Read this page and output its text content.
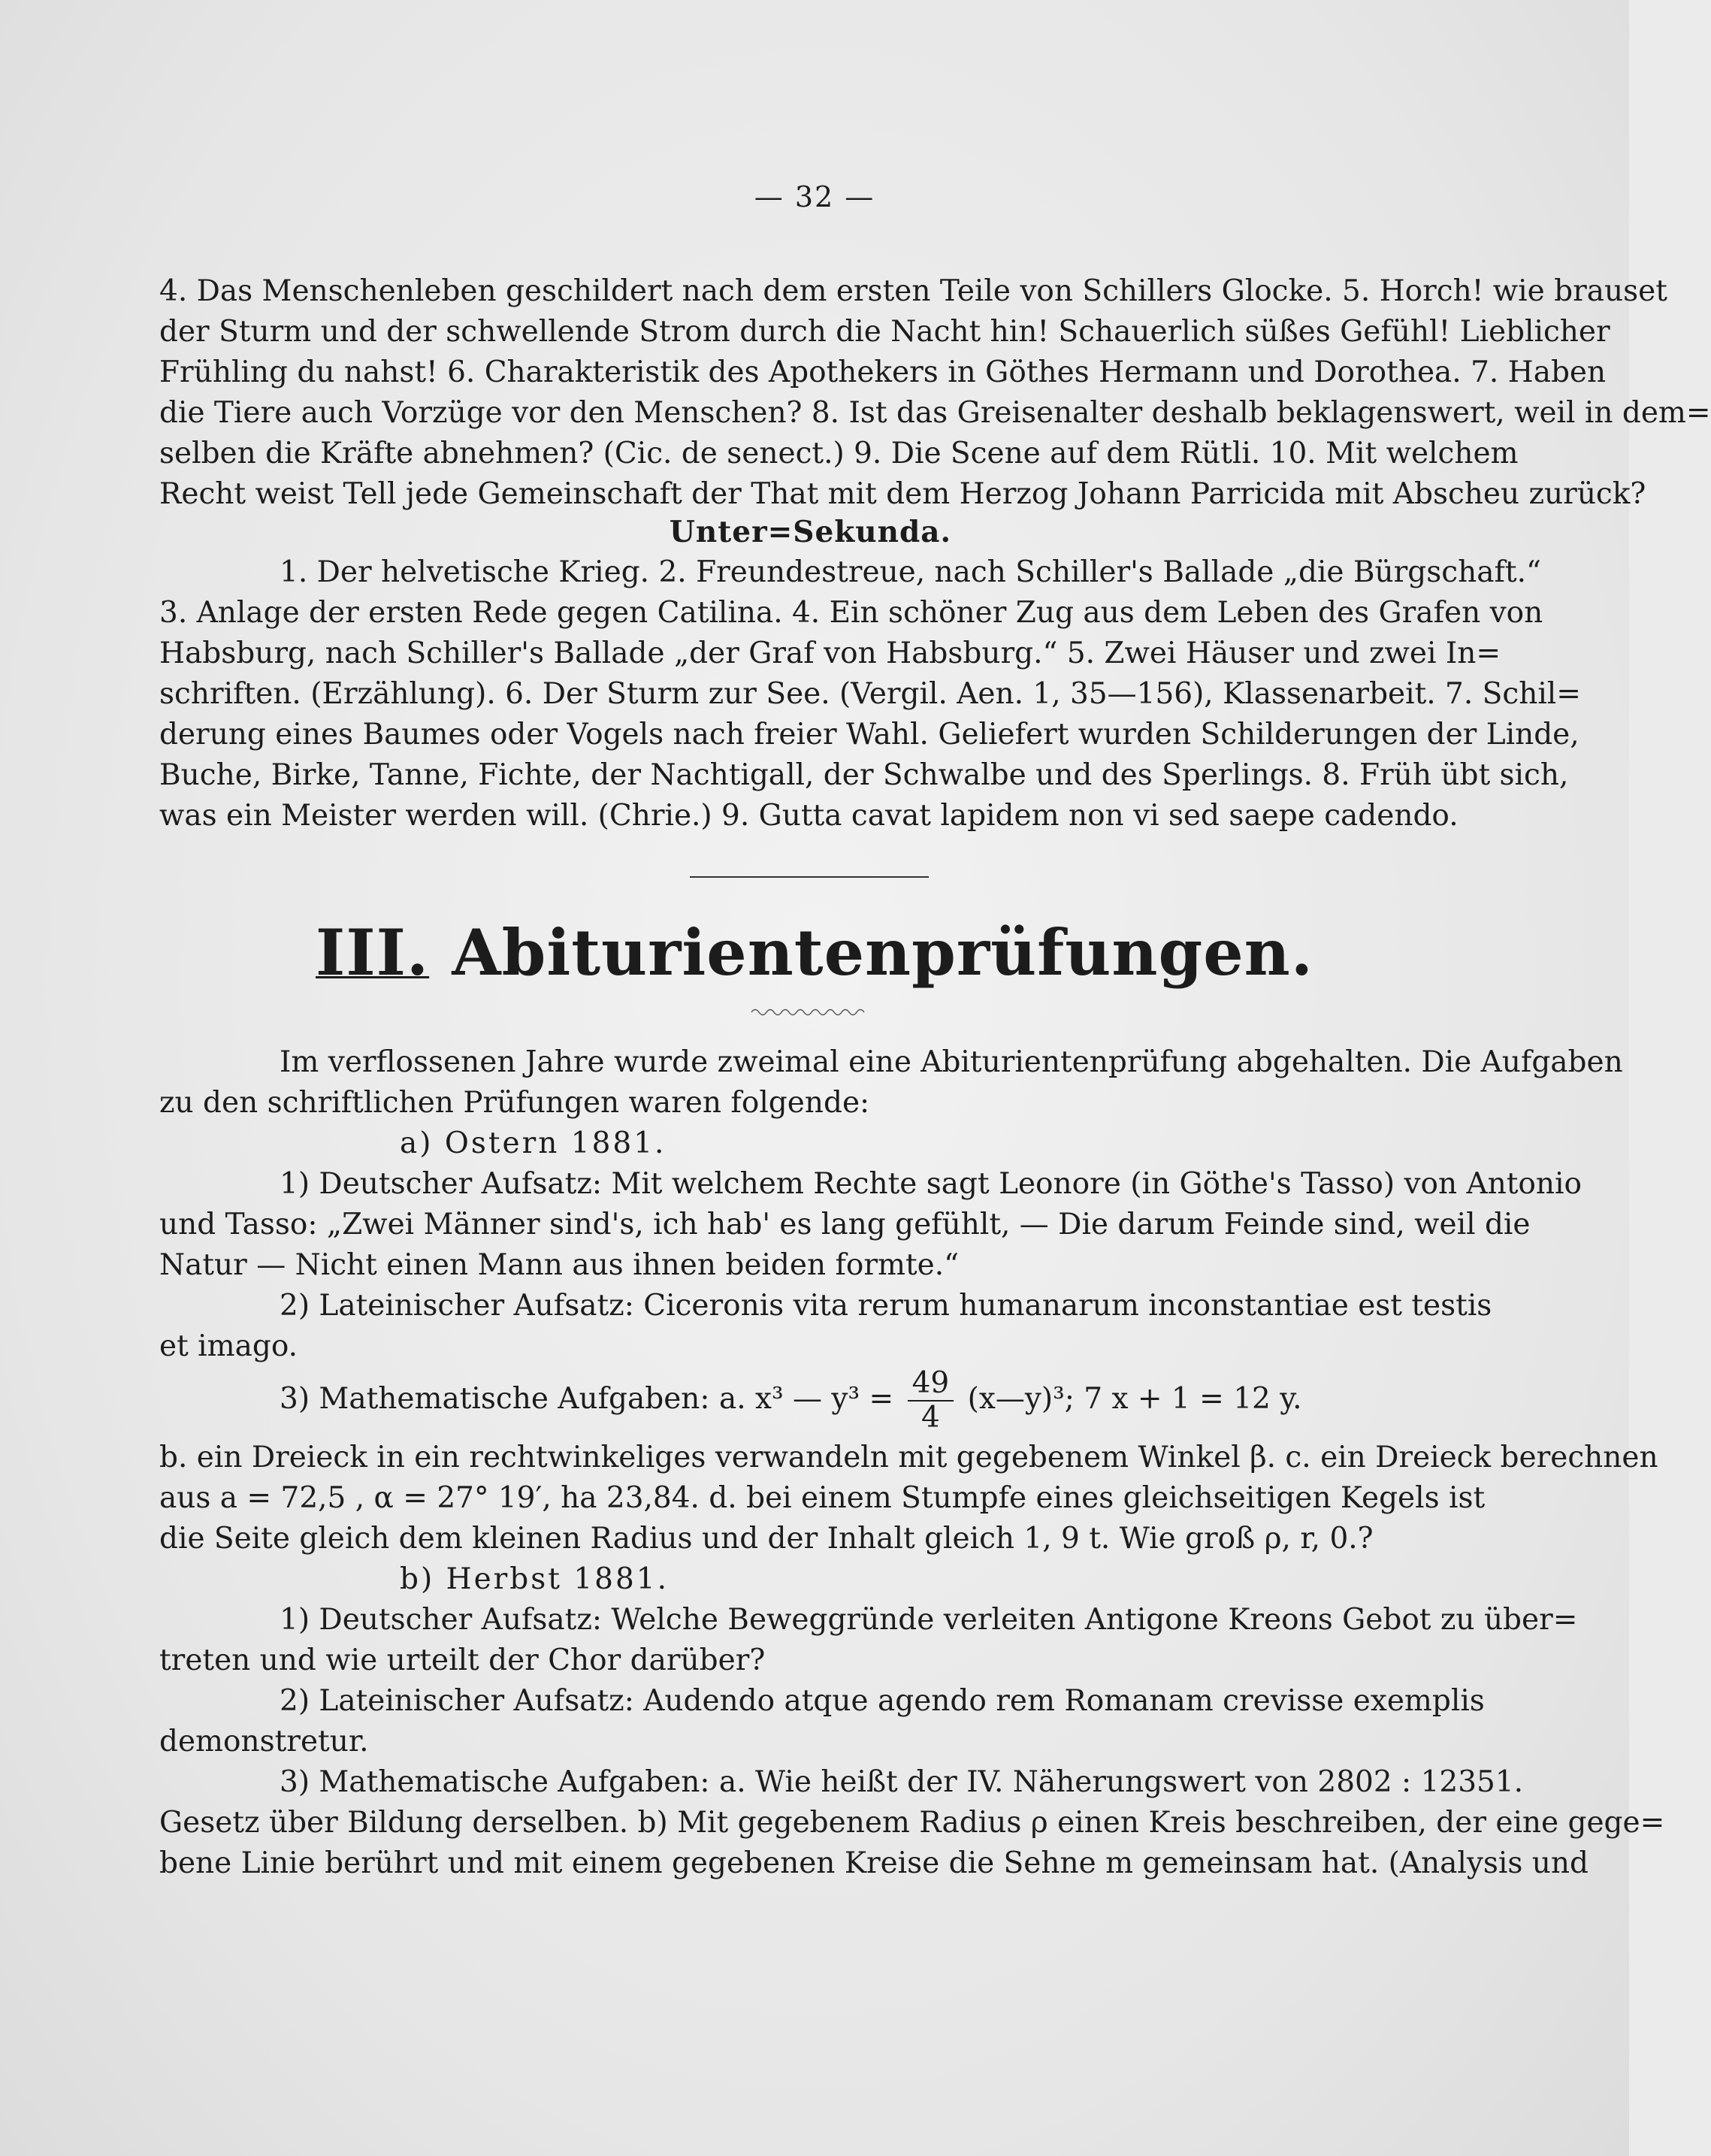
— 32 —
4. Das Menschenleben geschildert nach dem ersten Teile von Schillers Glocke. 5. Horch! wie brauset
der Sturm und der schwellende Strom durch die Nacht hin! Schauerlich süßes Gefühl! Lieblicher
Frühling du nahst! 6. Charakteristik des Apothekers in Göthes Hermann und Dorothea. 7. Haben
die Tiere auch Vorzüge vor den Menschen? 8. Ist das Greisenalter deshalb beklagenswert, weil in dem=
selben die Kräfte abnehmen? (Cic. de senect.) 9. Die Scene auf dem Rütli. 10. Mit welchem
Recht weist Tell jede Gemeinschaft der That mit dem Herzog Johann Parricida mit Abscheu zurück?
Unter=Sekunda.
1. Der helvetische Krieg. 2. Freundestreue, nach Schiller's Ballade „die Bürgschaft.“
3. Anlage der ersten Rede gegen Catilina. 4. Ein schöner Zug aus dem Leben des Grafen von
Habsburg, nach Schiller's Ballade „der Graf von Habsburg.“ 5. Zwei Häuser und zwei In=
schriften. (Erzählung). 6. Der Sturm zur See. (Vergil. Aen. 1, 35—156), Klassenarbeit. 7. Schil=
derung eines Baumes oder Vogels nach freier Wahl. Geliefert wurden Schilderungen der Linde,
Buche, Birke, Tanne, Fichte, der Nachtigall, der Schwalbe und des Sperlings. 8. Früh übt sich,
was ein Meister werden will. (Chrie.) 9. Gutta cavat lapidem non vi sed saepe cadendo.
III. Abiturientenprüfungen.
Im verflossenen Jahre wurde zweimal eine Abiturientenprüfung abgehalten. Die Aufgaben
zu den schriftlichen Prüfungen waren folgende:
a) Ostern 1881.
1) Deutscher Aufsatz: Mit welchem Rechte sagt Leonore (in Göthe's Tasso) von Antonio
und Tasso: „Zwei Männer sind's, ich hab' es lang gefühlt, — Die darum Feinde sind, weil die
Natur — Nicht einen Mann aus ihnen beiden formte.“
2) Lateinischer Aufsatz: Ciceronis vita rerum humanarum inconstantiae est testis
et imago.
3) Mathematische Aufgaben: a. x³ — $y^3 = \frac{49}{4}$ (x—y)³; 7 x + 1 = 12 y.
b. ein Dreieck in ein rechtwinkeliges verwandeln mit gegebenem Winkel β. c. ein Dreieck berechnen
aus a = 72,5 , α = 27° 19′, ha 23,84. d. bei einem Stumpfe eines gleichseitigen Kegels ist
die Seite gleich dem kleinen Radius und der Inhalt gleich 1, 9 t. Wie groß ρ, r, 0.?
b) Herbst 1881.
1) Deutscher Aufsatz: Welche Beweggründe verleiten Antigone Kreons Gebot zu über=
treten und wie urteilt der Chor darüber?
2) Lateinischer Aufsatz: Audendo atque agendo rem Romanam crevisse exemplis
demonstretur.
3) Mathematische Aufgaben: a. Wie heißt der IV. Näherungswert von 2802 : 12351.
Gesetz über Bildung derselben. b) Mit gegebenem Radius ρ einen Kreis beschreiben, der eine gege=
bene Linie berührt und mit einem gegebenen Kreise die Sehne m gemeinsam hat. (Analysis und
